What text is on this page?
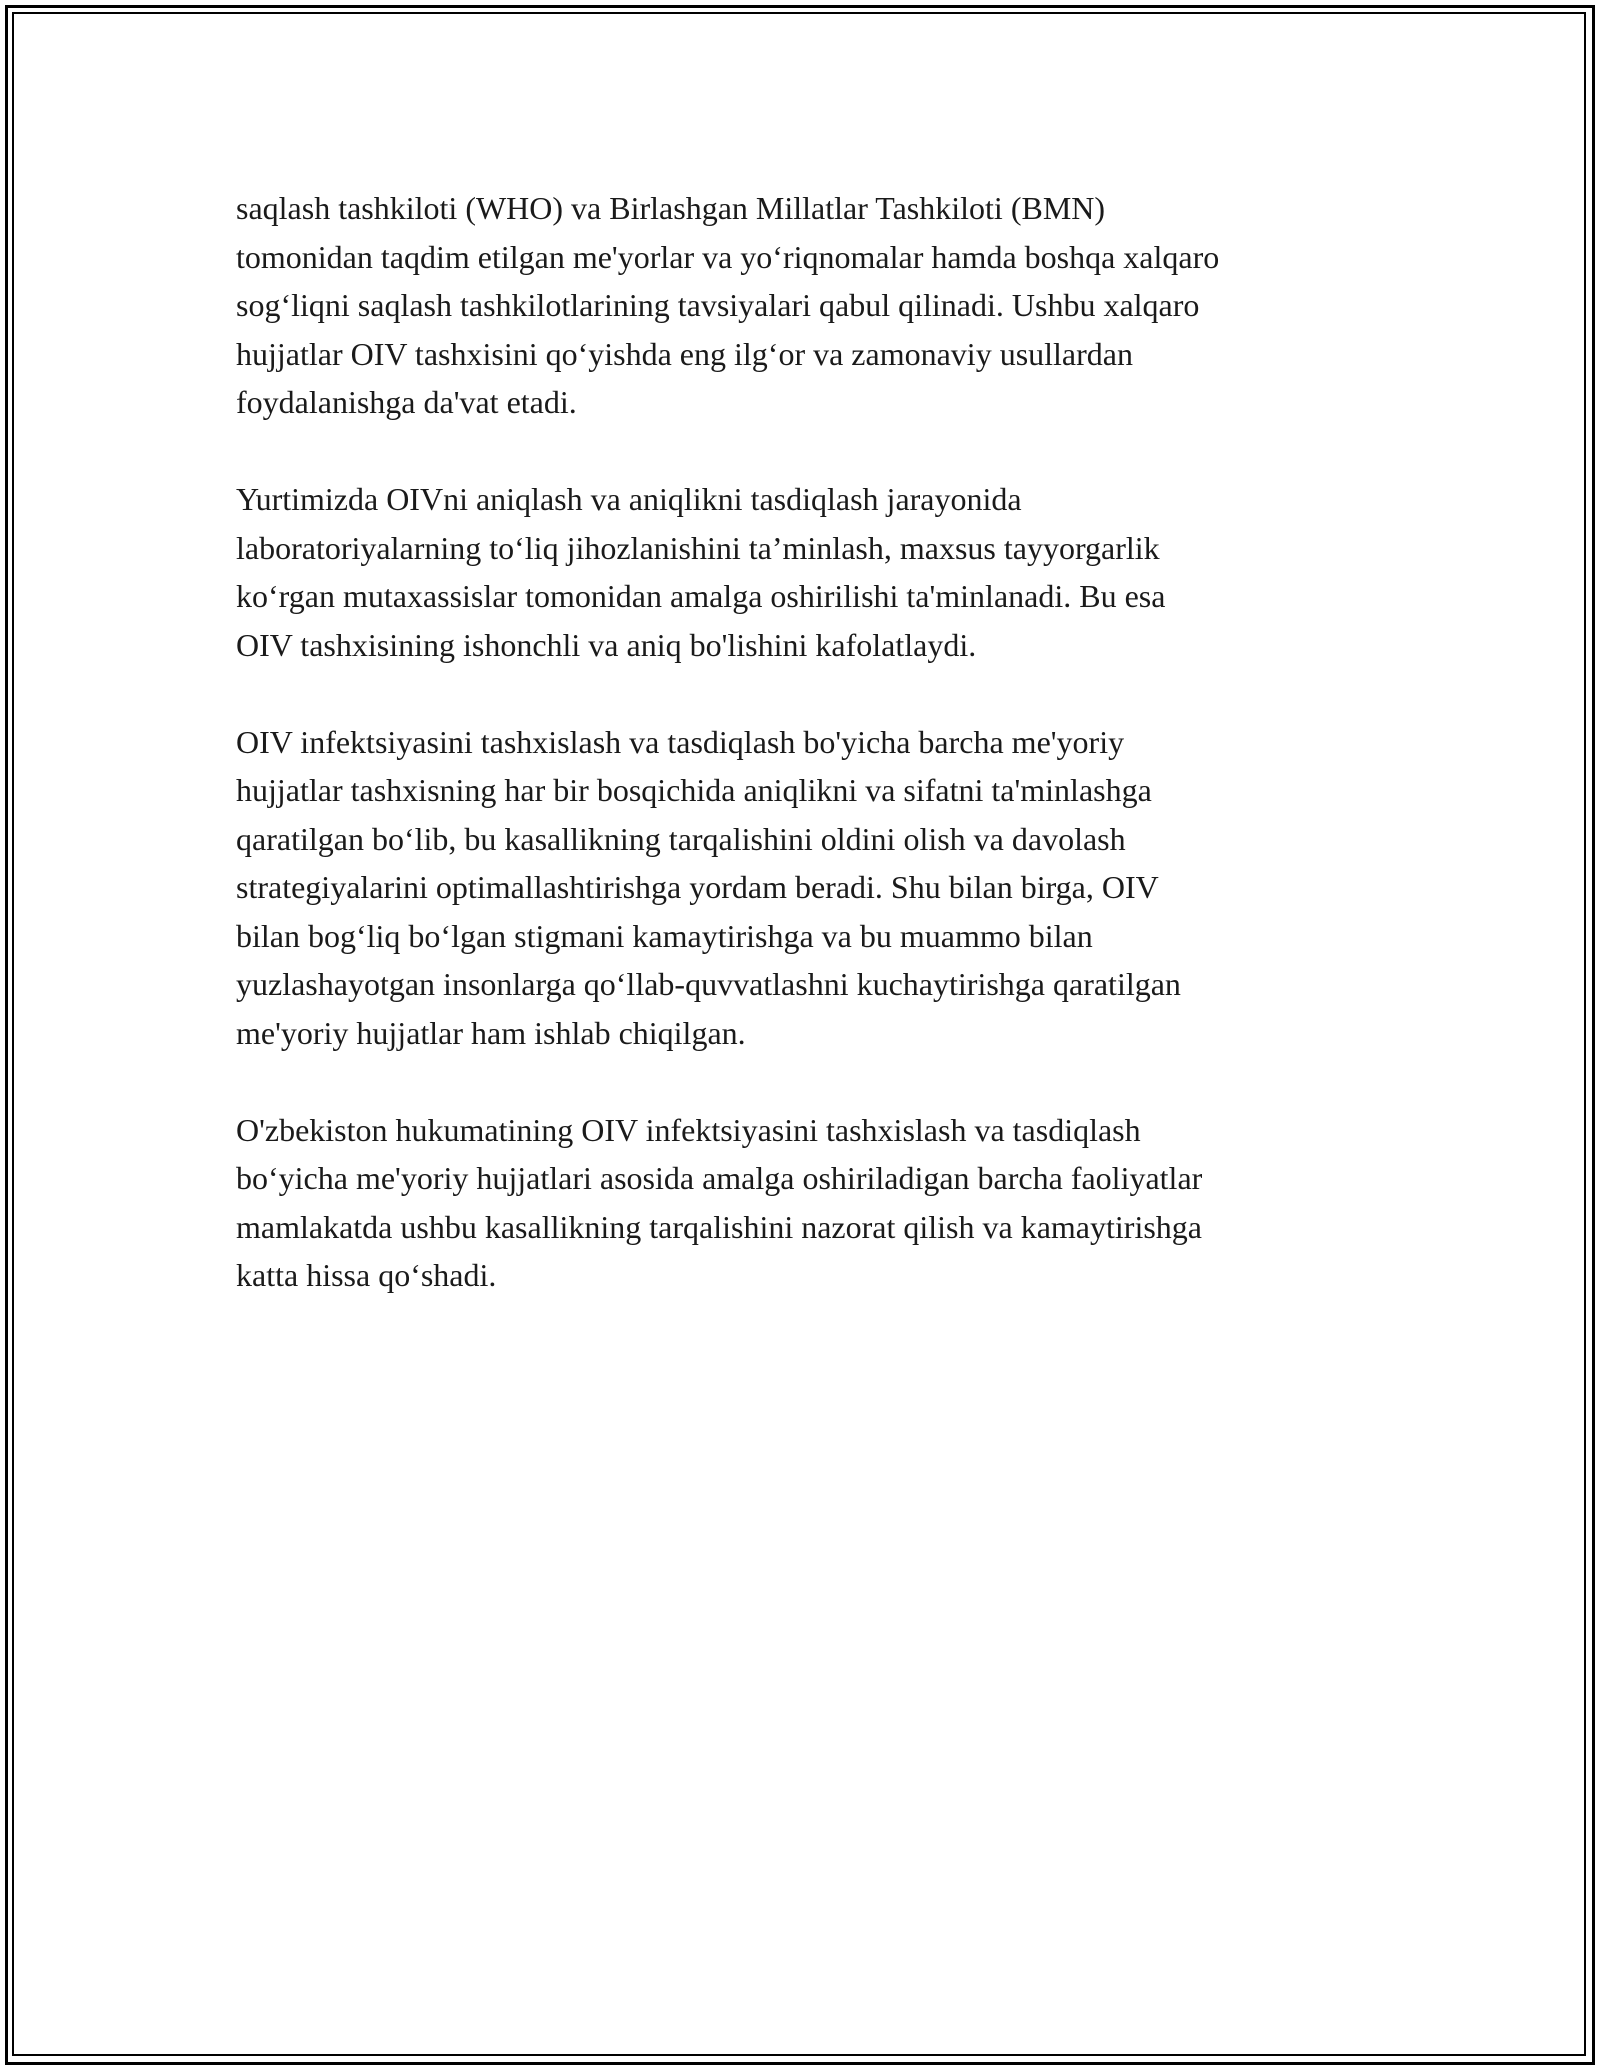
saqlash tashkiloti (WHO) va Birlashgan Millatlar Tashkiloti (BMN)
tomonidan taqdim etilgan me'yorlar va yo‘riqnomalar hamda boshqa xalqaro
sog‘liqni saqlash tashkilotlarining tavsiyalari qabul qilinadi. Ushbu xalqaro
hujjatlar OIV tashxisini qo‘yishda eng ilg‘or va zamonaviy usullardan
foydalanishga da'vat etadi.

Yurtimizda OIVni aniqlash va aniqlikni tasdiqlash jarayonida
laboratoriyalarning to‘liq jihozlanishini ta’minlash, maxsus tayyorgarlik
ko‘rgan mutaxassislar tomonidan amalga oshirilishi ta'minlanadi. Bu esa
OIV tashxisining ishonchli va aniq bo'lishini kafolatlaydi.

OIV infektsiyasini tashxislash va tasdiqlash bo'yicha barcha me'yoriy
hujjatlar tashxisning har bir bosqichida aniqlikni va sifatni ta'minlashga
qaratilgan bo‘lib, bu kasallikning tarqalishini oldini olish va davolash
strategiyalarini optimallashtirishga yordam beradi. Shu bilan birga, OIV
bilan bog‘liq bo‘lgan stigmani kamaytirishga va bu muammo bilan
yuzlashayotgan insonlarga qo‘llab-quvvatlashni kuchaytirishga qaratilgan
me'yoriy hujjatlar ham ishlab chiqilgan.

O'zbekiston hukumatining OIV infektsiyasini tashxislash va tasdiqlash
bo‘yicha me'yoriy hujjatlari asosida amalga oshiriladigan barcha faoliyatlar
mamlakatda ushbu kasallikning tarqalishini nazorat qilish va kamaytirishga
katta hissa qo‘shadi.
